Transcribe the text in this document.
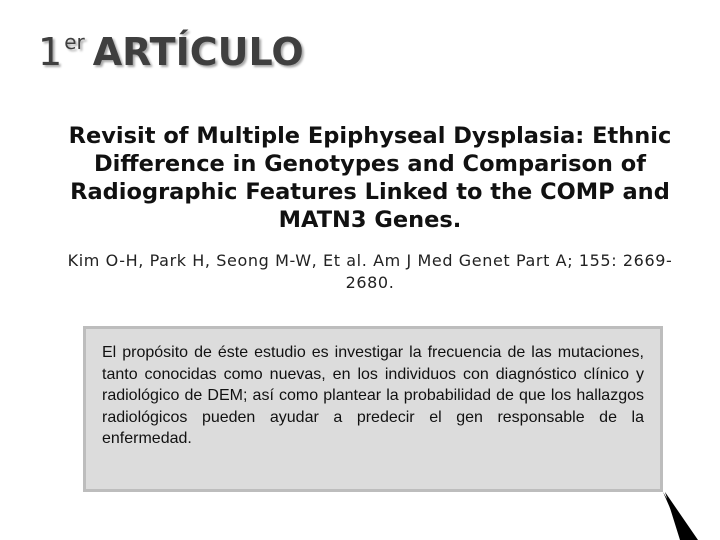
1 er ARTÍCULO
Revisit of Multiple Epiphyseal Dysplasia: Ethnic Difference in Genotypes and Comparison of Radiographic Features Linked to the COMP and MATN3 Genes.
Kim O-H, Park H, Seong M-W, Et al. Am J Med Genet Part A; 155: 2669-2680.

El propósito de éste estudio es investigar la frecuencia de las mutaciones, tanto conocidas como nuevas, en los individuos con diagnóstico clínico y radiológico de DEM; así como plantear la probabilidad de que los hallazgos radiológicos pueden ayudar a predecir el gen responsable de la enfermedad.
